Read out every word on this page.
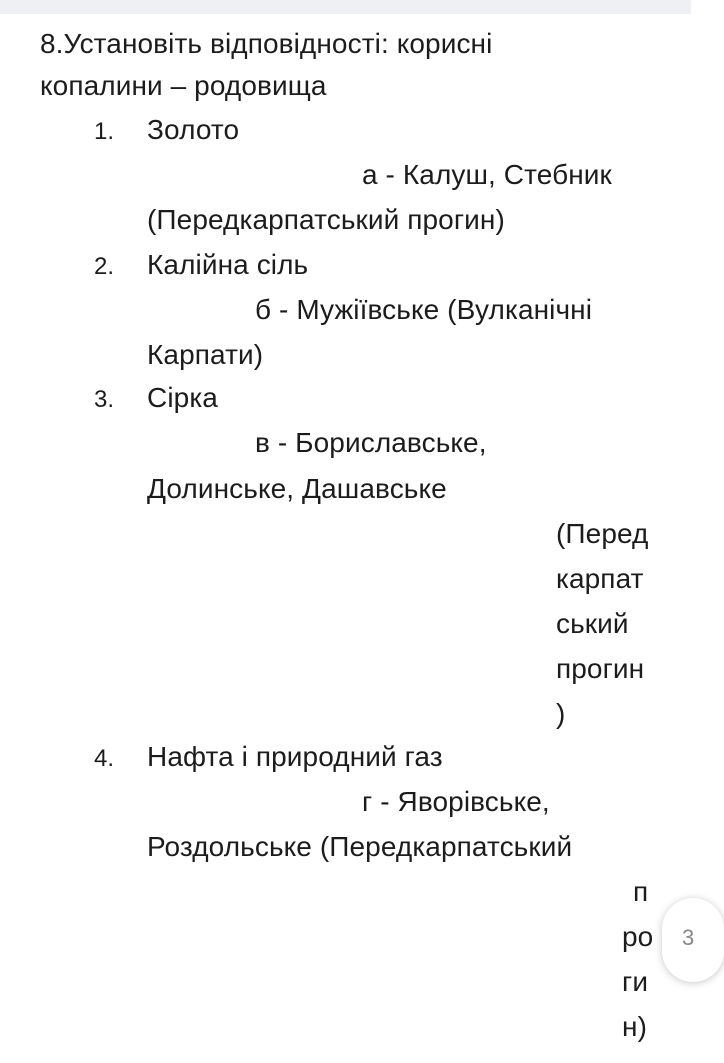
8.Установіть відповідності: корисні
копалини – родовища
1. Золото
а - Калуш, Стебник
(Передкарпатський прогин)
2. Калійна сіль
б - Мужіївське (Вулканічні
Карпати)
3. Сірка
в - Бориславське,
Долинське, Дашавське
(Перед
карпат
ський
прогин
)
4. Нафта і природний газ
г - Яворівське,
Роздольське (Передкарпатський
п
ро
ги
н)
3
